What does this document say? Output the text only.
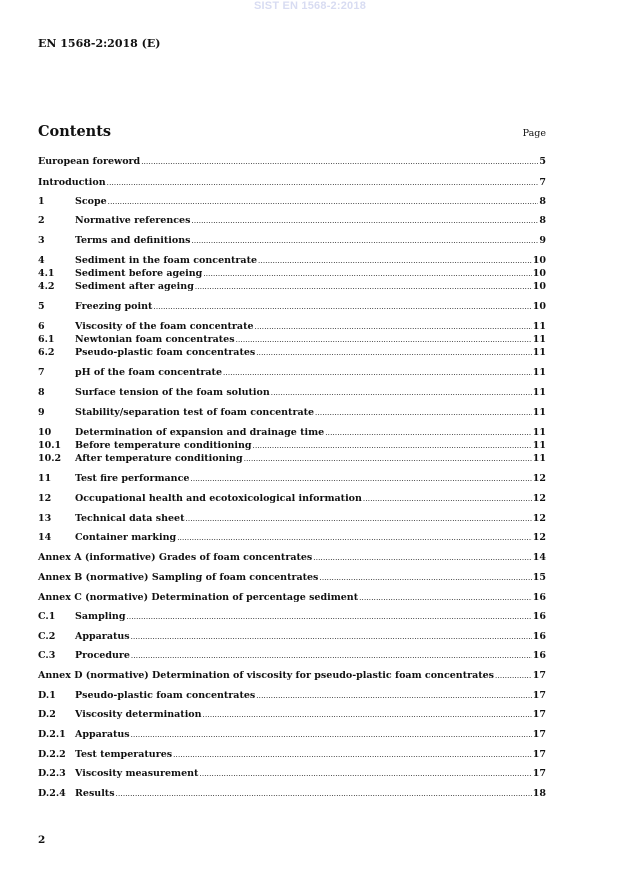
SIST EN 1568-2:2018
EN 1568-2:2018 (E)
Contents	Page
European foreword .....	5
Introduction .....	7
1	Scope .....	8
2	Normative references .....	8
3	Terms and definitions .....	9
4	Sediment in the foam concentrate .....	10
4.1	Sediment before ageing .....	10
4.2	Sediment after ageing .....	10
5	Freezing point .....	10
6	Viscosity of the foam concentrate .....	11
6.1	Newtonian foam concentrates .....	11
6.2	Pseudo-plastic foam concentrates .....	11
7	pH of the foam concentrate .....	11
8	Surface tension of the foam solution .....	11
9	Stability/separation test of foam concentrate .....	11
10	Determination of expansion and drainage time .....	11
10.1	Before temperature conditioning .....	11
10.2	After temperature conditioning .....	11
11	Test fire performance .....	12
12	Occupational health and ecotoxicological information .....	12
13	Technical data sheet .....	12
14	Container marking .....	12
Annex A (informative) Grades of foam concentrates .....	14
Annex B (normative) Sampling of foam concentrates .....	15
Annex C (normative) Determination of percentage sediment .....	16
C.1	Sampling .....	16
C.2	Apparatus .....	16
C.3	Procedure .....	16
Annex D (normative) Determination of viscosity for pseudo-plastic foam concentrates .....	17
D.1	Pseudo-plastic foam concentrates .....	17
D.2	Viscosity determination .....	17
D.2.1 Apparatus .....	17
D.2.2 Test temperatures .....	17
D.2.3 Viscosity measurement .....	17
D.2.4 Results .....	18
2
